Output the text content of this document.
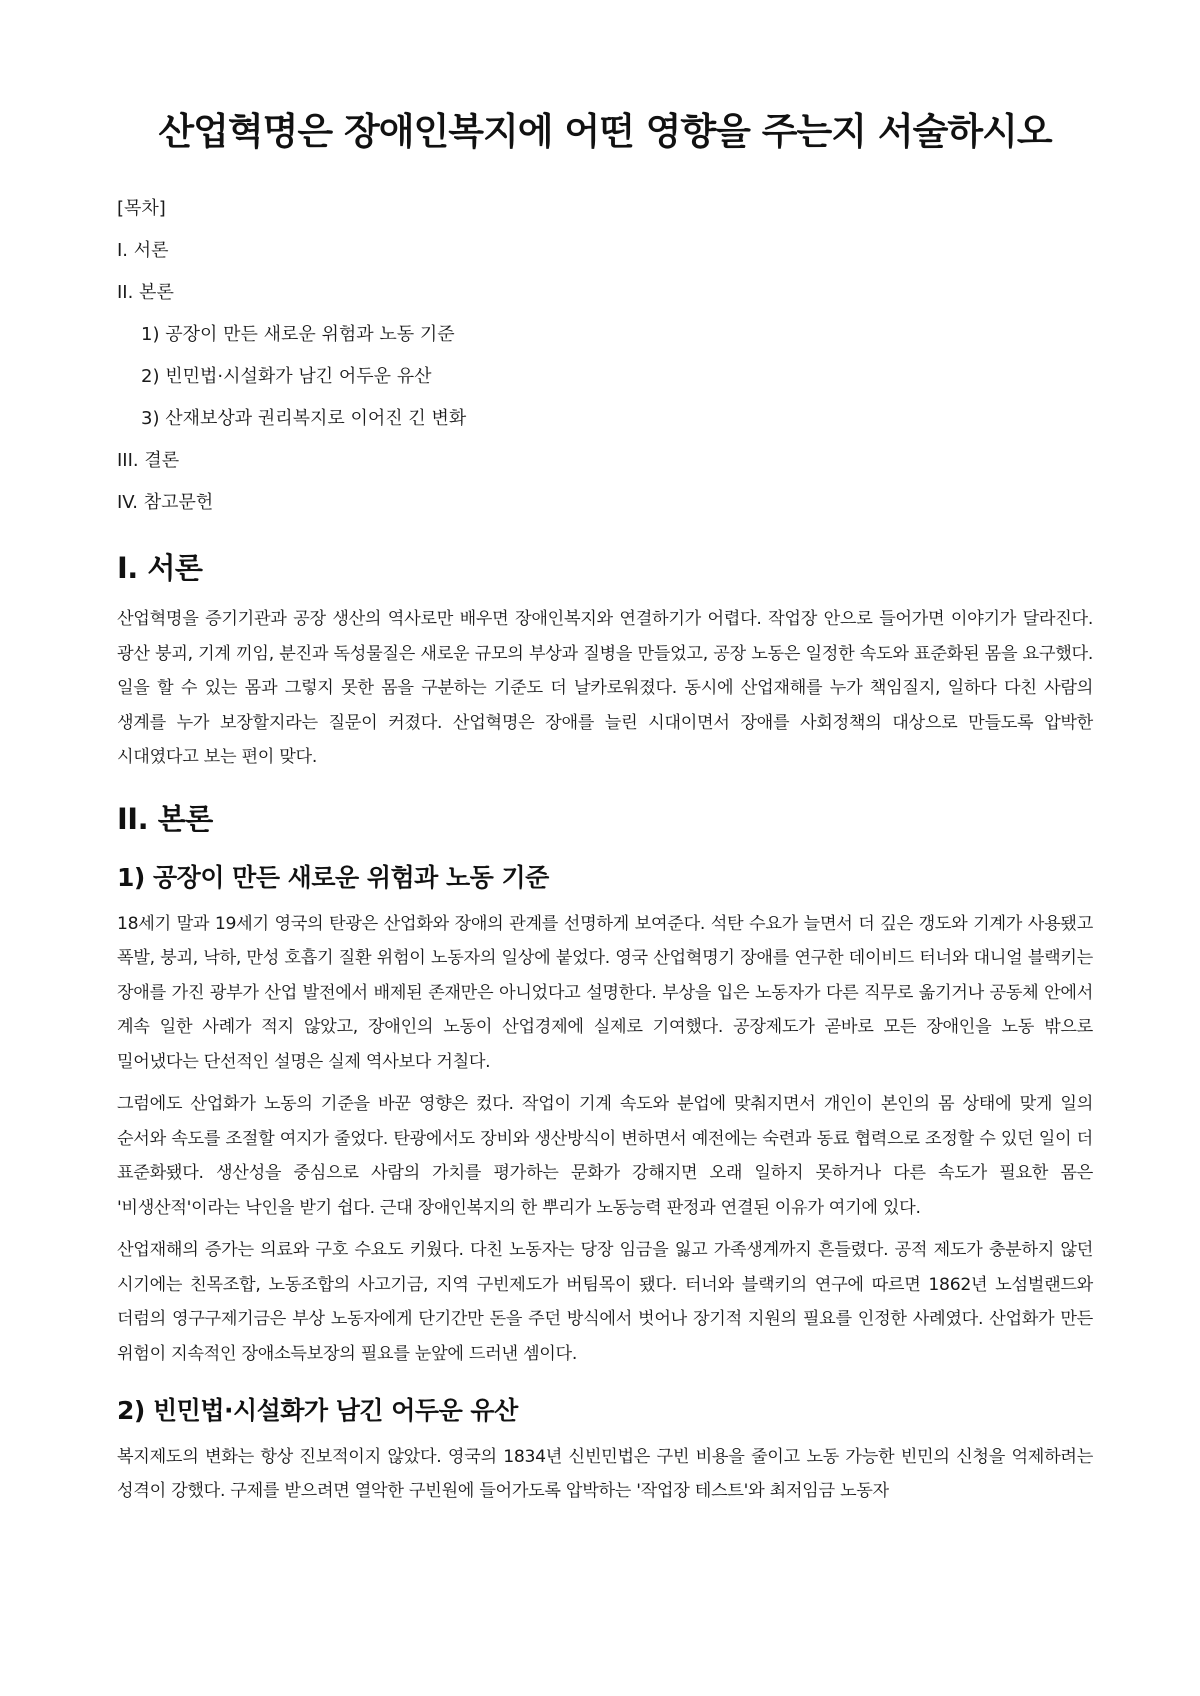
산업혁명은 장애인복지에 어떤 영향을 주는지 서술하시오
[목차]
I. 서론
II. 본론
1) 공장이 만든 새로운 위험과 노동 기준
2) 빈민법·시설화가 남긴 어두운 유산
3) 산재보상과 권리복지로 이어진 긴 변화
III. 결론
IV. 참고문헌
I. 서론

산업혁명을 증기기관과 공장 생산의 역사로만 배우면 장애인복지와 연결하기가 어렵다. 작업장 안으로 들어가면 이야기가 달라진다. 광산 붕괴, 기계 끼임, 분진과 독성물질은 새로운 규모의 부상과 질병을 만들었고, 공장 노동은 일정한 속도와 표준화된 몸을 요구했다. 일을 할 수 있는 몸과 그렇지 못한 몸을 구분하는 기준도 더 날카로워졌다. 동시에 산업재해를 누가 책임질지, 일하다 다친 사람의 생계를 누가 보장할지라는 질문이 커졌다. 산업혁명은 장애를 늘린 시대이면서 장애를 사회정책의 대상으로 만들도록 압박한 시대였다고 보는 편이 맞다.

II. 본론
1) 공장이 만든 새로운 위험과 노동 기준

18세기 말과 19세기 영국의 탄광은 산업화와 장애의 관계를 선명하게 보여준다. 석탄 수요가 늘면서 더 깊은 갱도와 기계가 사용됐고 폭발, 붕괴, 낙하, 만성 호흡기 질환 위험이 노동자의 일상에 붙었다. 영국 산업혁명기 장애를 연구한 데이비드 터너와 대니얼 블랙키는 장애를 가진 광부가 산업 발전에서 배제된 존재만은 아니었다고 설명한다. 부상을 입은 노동자가 다른 직무로 옮기거나 공동체 안에서 계속 일한 사례가 적지 않았고, 장애인의 노동이 산업경제에 실제로 기여했다. 공장제도가 곧바로 모든 장애인을 노동 밖으로 밀어냈다는 단선적인 설명은 실제 역사보다 거칠다.

그럼에도 산업화가 노동의 기준을 바꾼 영향은 컸다. 작업이 기계 속도와 분업에 맞춰지면서 개인이 본인의 몸 상태에 맞게 일의 순서와 속도를 조절할 여지가 줄었다. 탄광에서도 장비와 생산방식이 변하면서 예전에는 숙련과 동료 협력으로 조정할 수 있던 일이 더 표준화됐다. 생산성을 중심으로 사람의 가치를 평가하는 문화가 강해지면 오래 일하지 못하거나 다른 속도가 필요한 몸은 '비생산적'이라는 낙인을 받기 쉽다. 근대 장애인복지의 한 뿌리가 노동능력 판정과 연결된 이유가 여기에 있다.

산업재해의 증가는 의료와 구호 수요도 키웠다. 다친 노동자는 당장 임금을 잃고 가족생계까지 흔들렸다. 공적 제도가 충분하지 않던 시기에는 친목조합, 노동조합의 사고기금, 지역 구빈제도가 버팀목이 됐다. 터너와 블랙키의 연구에 따르면 1862년 노섬벌랜드와 더럼의 영구구제기금은 부상 노동자에게 단기간만 돈을 주던 방식에서 벗어나 장기적 지원의 필요를 인정한 사례였다. 산업화가 만든 위험이 지속적인 장애소득보장의 필요를 눈앞에 드러낸 셈이다.

2) 빈민법·시설화가 남긴 어두운 유산

복지제도의 변화는 항상 진보적이지 않았다. 영국의 1834년 신빈민법은 구빈 비용을 줄이고 노동 가능한 빈민의 신청을 억제하려는 성격이 강했다. 구제를 받으려면 열악한 구빈원에 들어가도록 압박하는 '작업장 테스트'와 최저임금 노동자
